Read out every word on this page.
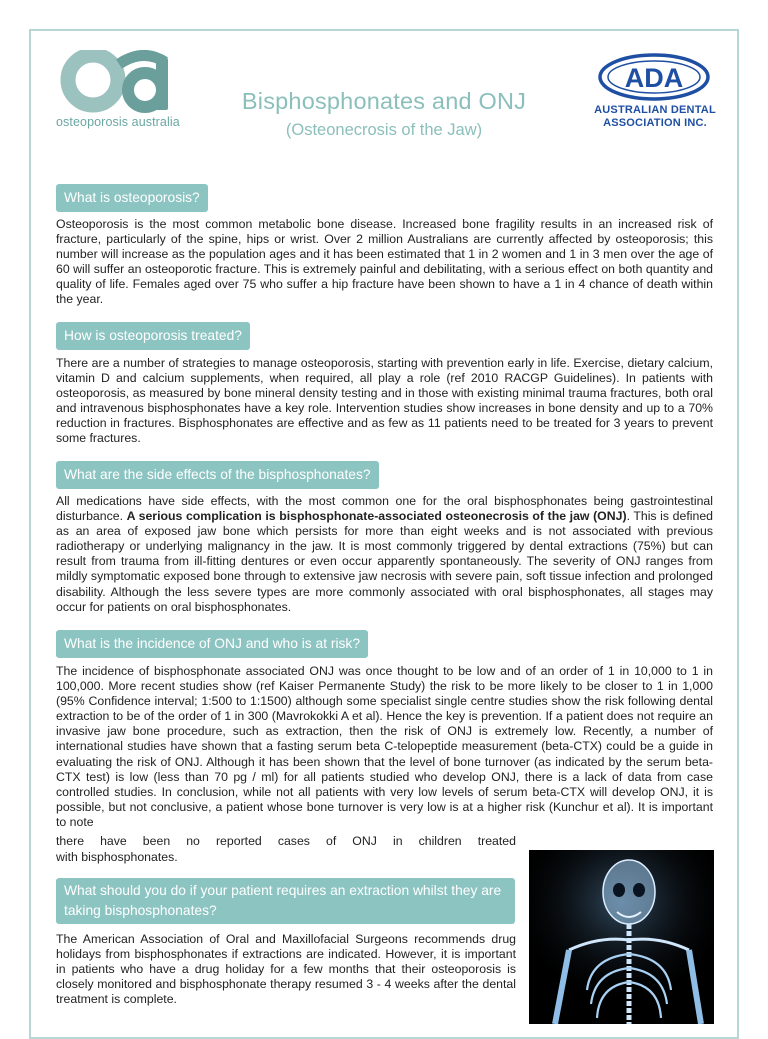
osteoporosis australia
Bisphosphonates and ONJ
(Osteonecrosis of the Jaw)
ADA
AUSTRALIAN DENTAL
ASSOCIATION INC.
What is osteoporosis?
Osteoporosis is the most common metabolic bone disease. Increased bone fragility results in an increased risk of fracture, particularly of the spine, hips or wrist. Over 2 million Australians are currently affected by osteoporosis; this number will increase as the population ages and it has been estimated that 1 in 2 women and 1 in 3 men over the age of 60 will suffer an osteoporotic fracture. This is extremely painful and debilitating, with a serious effect on both quantity and quality of life. Females aged over 75 who suffer a hip fracture have been shown to have a 1 in 4 chance of death within the year.
How is osteoporosis treated?
There are a number of strategies to manage osteoporosis, starting with prevention early in life. Exercise, dietary calcium, vitamin D and calcium supplements, when required, all play a role (ref 2010 RACGP Guidelines). In patients with osteoporosis, as measured by bone mineral density testing and in those with existing minimal trauma fractures, both oral and intravenous bisphosphonates have a key role. Intervention studies show increases in bone density and up to a 70% reduction in fractures. Bisphosphonates are effective and as few as 11 patients need to be treated for 3 years to prevent some fractures.
What are the side effects of the bisphosphonates?
All medications have side effects, with the most common one for the oral bisphosphonates being gastrointestinal disturbance. A serious complication is bisphosphonate-associated osteonecrosis of the jaw (ONJ). This is defined as an area of exposed jaw bone which persists for more than eight weeks and is not associated with previous radiotherapy or underlying malignancy in the jaw. It is most commonly triggered by dental extractions (75%) but can result from trauma from ill-fitting dentures or even occur apparently spontaneously. The severity of ONJ ranges from mildly symptomatic exposed bone through to extensive jaw necrosis with severe pain, soft tissue infection and prolonged disability. Although the less severe types are more commonly associated with oral bisphosphonates, all stages may occur for patients on oral bisphosphonates.
What is the incidence of ONJ and who is at risk?
The incidence of bisphosphonate associated ONJ was once thought to be low and of an order of 1 in 10,000 to 1 in 100,000. More recent studies show (ref Kaiser Permanente Study) the risk to be more likely to be closer to 1 in 1,000 (95% Confidence interval; 1:500 to 1:1500) although some specialist single centre studies show the risk following dental extraction to be of the order of 1 in 300 (Mavrokokki A et al). Hence the key is prevention. If a patient does not require an invasive jaw bone procedure, such as extraction, then the risk of ONJ is extremely low. Recently, a number of international studies have shown that a fasting serum beta C-telopeptide measurement (beta-CTX) could be a guide in evaluating the risk of ONJ. Although it has been shown that the level of bone turnover (as indicated by the serum beta-CTX test) is low (less than 70 pg / ml) for all patients studied who develop ONJ, there is a lack of data from case controlled studies. In conclusion, while not all patients with very low levels of serum beta-CTX will develop ONJ, it is possible, but not conclusive, a patient whose bone turnover is very low is at a higher risk (Kunchur et al). It is important to note
there have been no reported cases of ONJ in children treated
with bisphosphonates.
What should you do if your patient requires an extraction whilst they are taking bisphosphonates?
The American Association of Oral and Maxillofacial Surgeons recommends drug holidays from bisphosphonates if extractions are indicated. However, it is important in patients who have a drug holiday for a few months that their osteoporosis is closely monitored and bisphosphonate therapy resumed 3 - 4 weeks after the dental treatment is complete.
